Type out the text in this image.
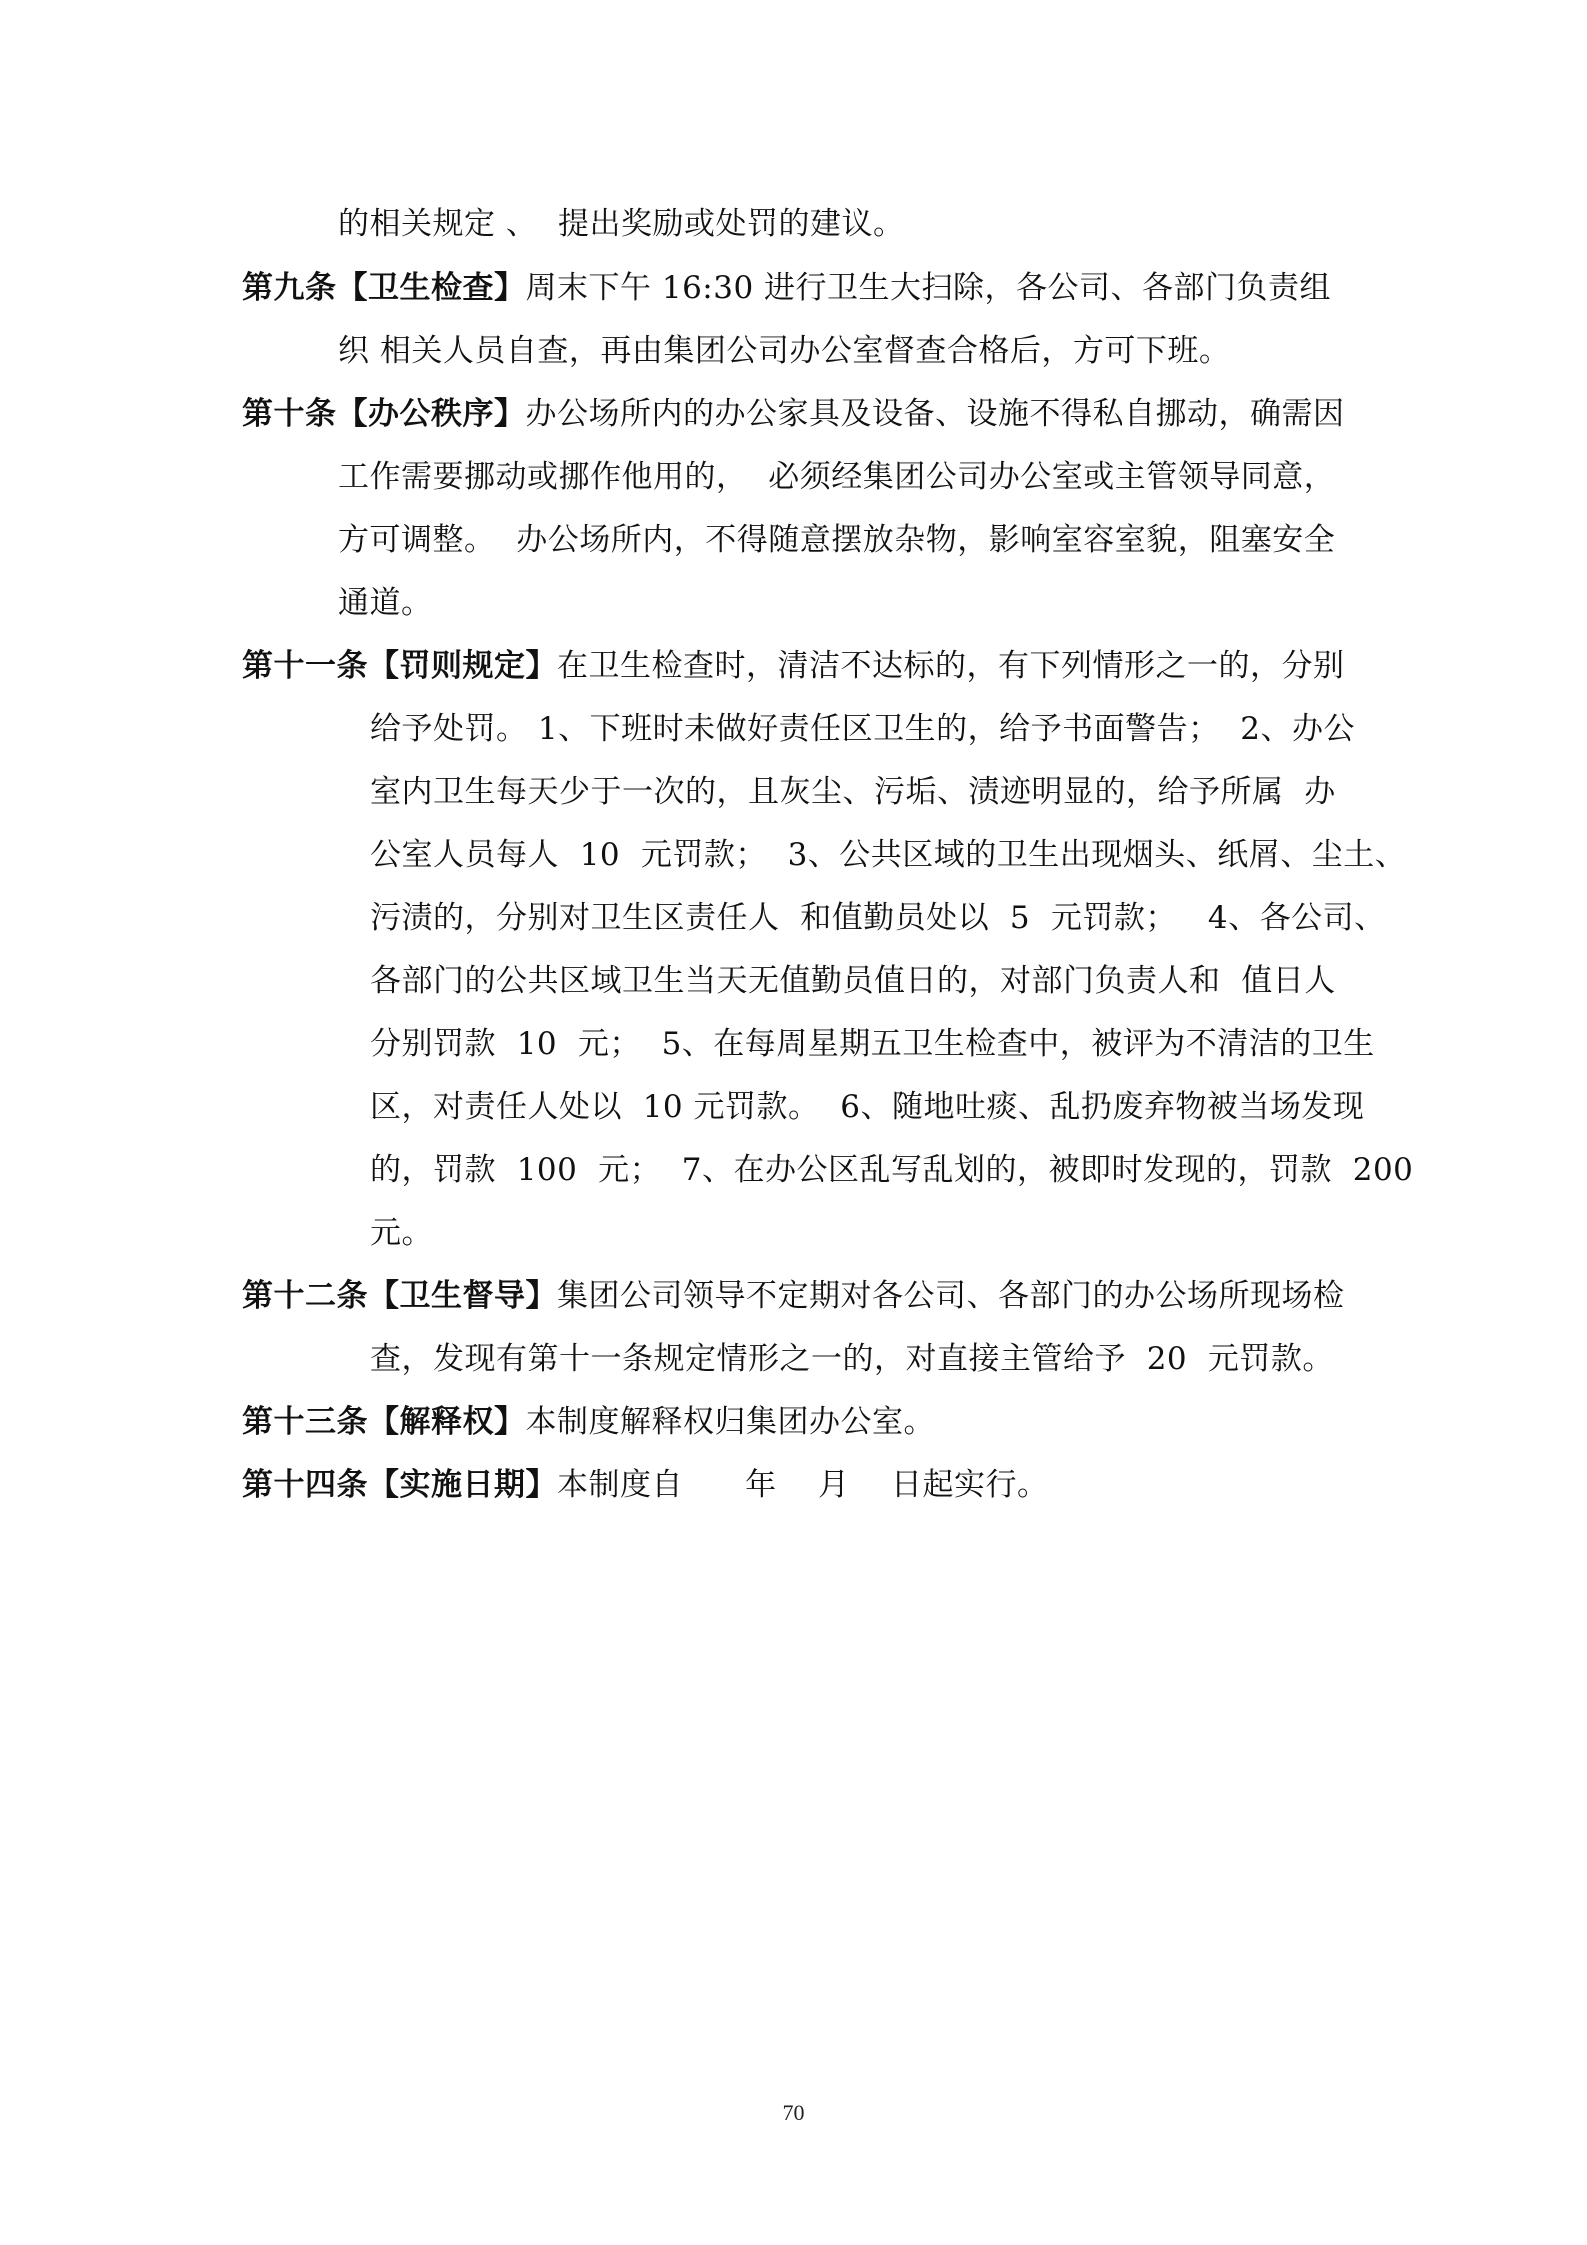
的相关规定 、  提出奖励或处罚的建议。
第九条【卫生检查】周末下午 16:30 进行卫生大扫除，各公司、各部门负责组
织 相关人员自查，再由集团公司办公室督查合格后，方可下班。
第十条【办公秩序】办公场所内的办公家具及设备、设施不得私自挪动，确需因
工作需要挪动或挪作他用的，  必须经集团公司办公室或主管领导同意，
方可调整。  办公场所内，不得随意摆放杂物，影响室容室貌，阻塞安全
通道。
第十一条【罚则规定】在卫生检查时，清洁不达标的，有下列情形之一的，分别
给予处罚。 1、下班时未做好责任区卫生的，给予书面警告；  2、办公
室内卫生每天少于一次的，且灰尘、污垢、渍迹明显的，给予所属  办
公室人员每人  10  元罚款；  3、公共区域的卫生出现烟头、纸屑、尘土、
污渍的，分别对卫生区责任人  和值勤员处以  5  元罚款；   4、各公司、
各部门的公共区域卫生当天无值勤员值日的，对部门负责人和  值日人
分别罚款  10  元；  5、在每周星期五卫生检查中，被评为不清洁的卫生
区，对责任人处以  10 元罚款。  6、随地吐痰、乱扔废弃物被当场发现
的，罚款  100  元；  7、在办公区乱写乱划的，被即时发现的，罚款  200
元。
第十二条【卫生督导】集团公司领导不定期对各公司、各部门的办公场所现场检
查，发现有第十一条规定情形之一的，对直接主管给予  20  元罚款。
第十三条【解释权】本制度解释权归集团办公室。
第十四条【实施日期】本制度自      年    月    日起实行。
70
